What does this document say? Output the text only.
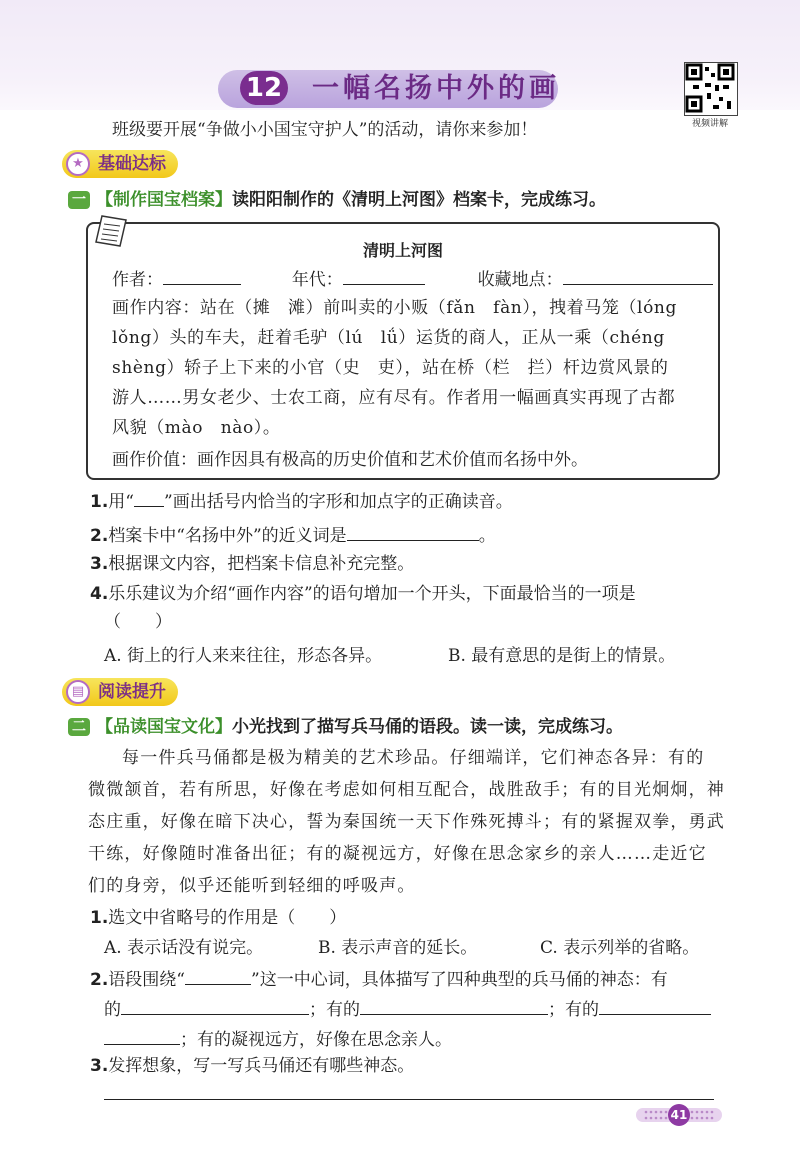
12 一幅名扬中外的画
视频讲解
班级要开展“争做小小国宝守护人”的活动，请你来参加！
★ 基础达标
一 【制作国宝档案】读阳阳制作的《清明上河图》档案卡，完成练习。
清明上河图
作者：	年代：	收藏地点：
画作内容：站在（摊　滩）前叫卖的小贩（fǎn　fàn），拽着马笼（lóng
lǒng）头的车夫，赶着毛驴（lú　lǘ）运货的商人，正从一乘（chéng
shèng）轿子上下来的小官（史　吏），站在桥（栏　拦）杆边赏风景的
游人……男女老少、士农工商，应有尽有。作者用一幅画真实再现了古都
风貌（mào　nào）。
画作价值：画作因具有极高的历史价值和艺术价值而名扬中外。
1.用“ ”画出括号内恰当的字形和加点字的正确读音。
2.档案卡中“名扬中外”的近义词是	。
3.根据课文内容，把档案卡信息补充完整。
4.乐乐建议为介绍“画作内容”的语句增加一个开头，下面最恰当的一项是
（　　）
A. 街上的行人来来往往，形态各异。	B. 最有意思的是街上的情景。
▤ 阅读提升
二 【品读国宝文化】小光找到了描写兵马俑的语段。读一读，完成练习。
每一件兵马俑都是极为精美的艺术珍品。仔细端详，它们神态各异：有的
微微颔首，若有所思，好像在考虑如何相互配合，战胜敌手；有的目光炯炯，神
态庄重，好像在暗下决心，誓为秦国统一天下作殊死搏斗；有的紧握双拳，勇武
干练，好像随时准备出征；有的凝视远方，好像在思念家乡的亲人……走近它
们的身旁，似乎还能听到轻细的呼吸声。
1.选文中省略号的作用是（　　）
A. 表示话没有说完。	B. 表示声音的延长。	C. 表示列举的省略。
2.语段围绕“	”这一中心词，具体描写了四种典型的兵马俑的神态：有
的	；有的	；有的
；有的凝视远方，好像在思念亲人。
3.发挥想象，写一写兵马俑还有哪些神态。
41
